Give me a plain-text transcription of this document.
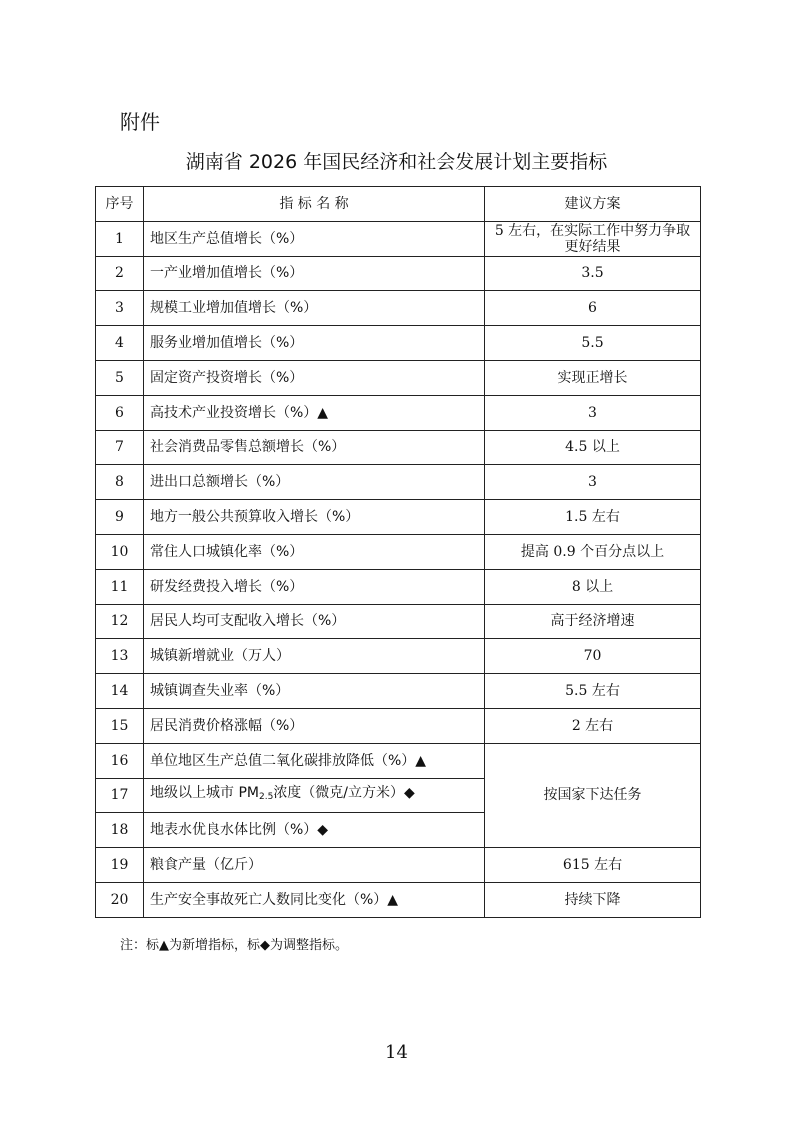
附件
湖南省 2026 年国民经济和社会发展计划主要指标
序号	指 标 名 称	建议方案
1	地区生产总值增长（%）	5 左右，在实际工作中努力争取更好结果
2	一产业增加值增长（%）	3.5
3	规模工业增加值增长（%）	6
4	服务业增加值增长（%）	5.5
5	固定资产投资增长（%）	实现正增长
6	高技术产业投资增长（%）▲	3
7	社会消费品零售总额增长（%）	4.5 以上
8	进出口总额增长（%）	3
9	地方一般公共预算收入增长（%）	1.5 左右
10	常住人口城镇化率（%）	提高 0.9 个百分点以上
11	研发经费投入增长（%）	8 以上
12	居民人均可支配收入增长（%）	高于经济增速
13	城镇新增就业（万人）	70
14	城镇调查失业率（%）	5.5 左右
15	居民消费价格涨幅（%）	2 左右
16	单位地区生产总值二氧化碳排放降低（%）▲	按国家下达任务
17	地级以上城市 $PM_{2.5}$浓度（微克/立方米）◆	
18	地表水优良水体比例（%）◆	
19	粮食产量（亿斤）	615 左右
20	生产安全事故死亡人数同比变化（%）▲	持续下降
注：标▲为新增指标，标◆为调整指标。
14
